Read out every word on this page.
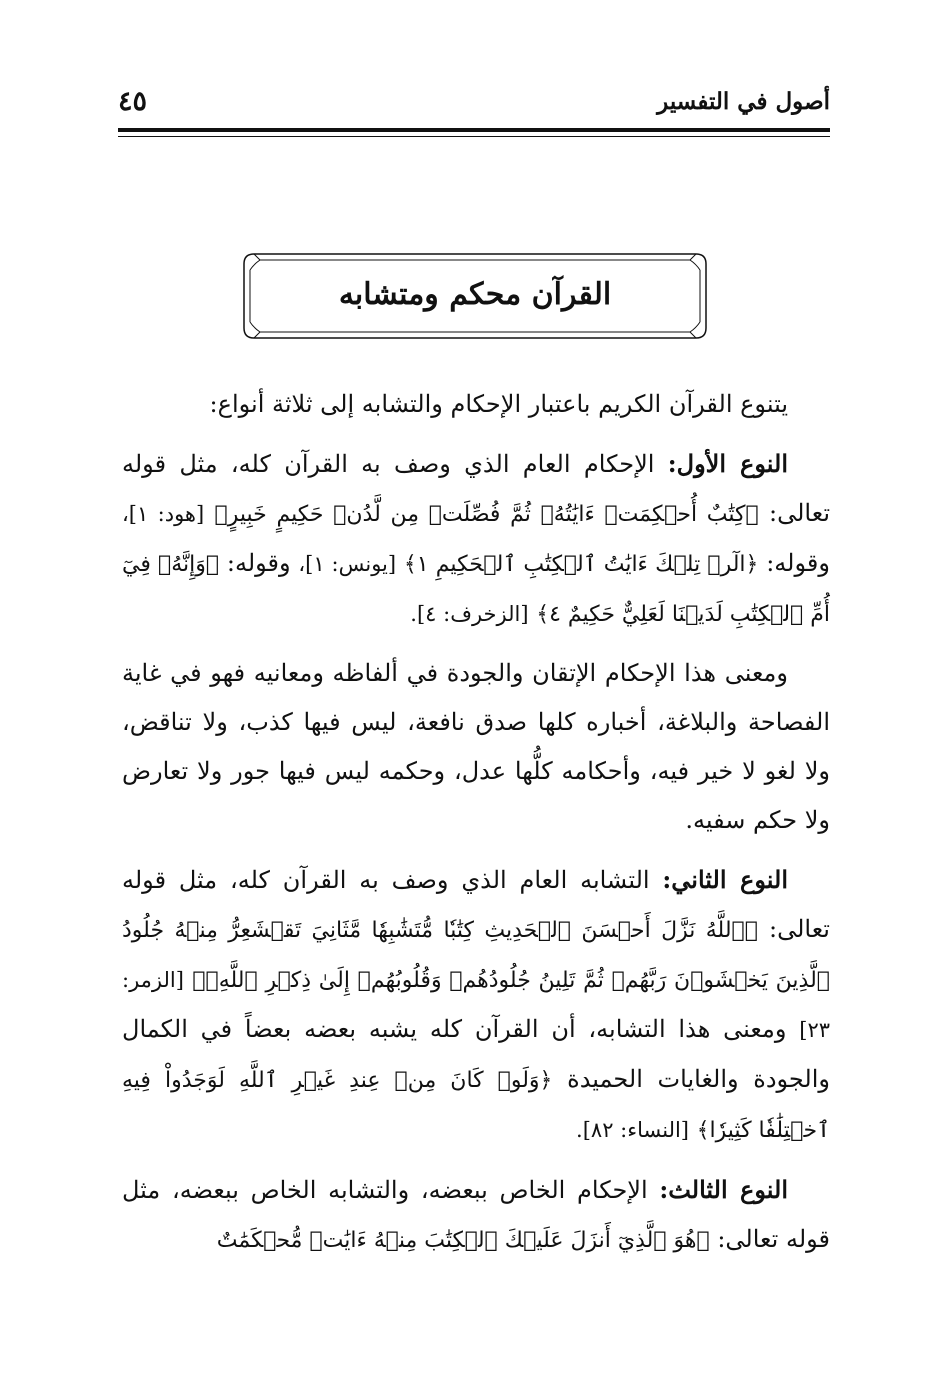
أصول في التفسير
٤٥
القرآن محكم ومتشابه

يتنوع القرآن الكريم باعتبار الإحكام والتشابه إلى ثلاثة أنواع:

النوع الأول: الإحكام العام الذي وصف به القرآن كله، مثل قوله تعالى: ﴿كِتَٰبٌ أُحۡكِمَتۡ ءَايَٰتُهُۥ ثُمَّ فُصِّلَتۡ مِن لَّدُنۡ حَكِيمٍ خَبِيرٍ﴾ [هود: ١]، وقوله: ﴿الٓرۚ تِلۡكَ ءَايَٰتُ ٱلۡكِتَٰبِ ٱلۡحَكِيمِ ١﴾ [يونس: ١]، وقوله: ﴿وَإِنَّهُۥ فِيٓ أُمِّ ٱلۡكِتَٰبِ لَدَيۡنَا لَعَلِيٌّ حَكِيمٌ ٤﴾ [الزخرف: ٤].

ومعنى هذا الإحكام الإتقان والجودة في ألفاظه ومعانيه فهو في غاية الفصاحة والبلاغة، أخباره كلها صدق نافعة، ليس فيها كذب، ولا تناقض، ولا لغو لا خير فيه، وأحكامه كلُّها عدل، وحكمه ليس فيها جور ولا تعارض ولا حكم سفيه.

النوع الثاني: التشابه العام الذي وصف به القرآن كله، مثل قوله تعالى: ﴿ٱللَّهُ نَزَّلَ أَحۡسَنَ ٱلۡحَدِيثِ كِتَٰبٗا مُّتَشَٰبِهٗا مَّثَانِيَ تَقۡشَعِرُّ مِنۡهُ جُلُودُ ٱلَّذِينَ يَخۡشَوۡنَ رَبَّهُمۡ ثُمَّ تَلِينُ جُلُودُهُمۡ وَقُلُوبُهُمۡ إِلَىٰ ذِكۡرِ ٱللَّهِۚ﴾ [الزمر: ٢٣] ومعنى هذا التشابه، أن القرآن كله يشبه بعضه بعضاً في الكمال والجودة والغايات الحميدة ﴿وَلَوۡ كَانَ مِنۡ عِندِ غَيۡرِ ٱللَّهِ لَوَجَدُواْ فِيهِ ٱخۡتِلَٰفٗا كَثِيرٗا﴾ [النساء: ٨٢].

النوع الثالث: الإحكام الخاص ببعضه، والتشابه الخاص ببعضه، مثل قوله تعالى: ﴿هُوَ ٱلَّذِيٓ أَنزَلَ عَلَيۡكَ ٱلۡكِتَٰبَ مِنۡهُ ءَايَٰتٞ مُّحۡكَمَٰتٌ
